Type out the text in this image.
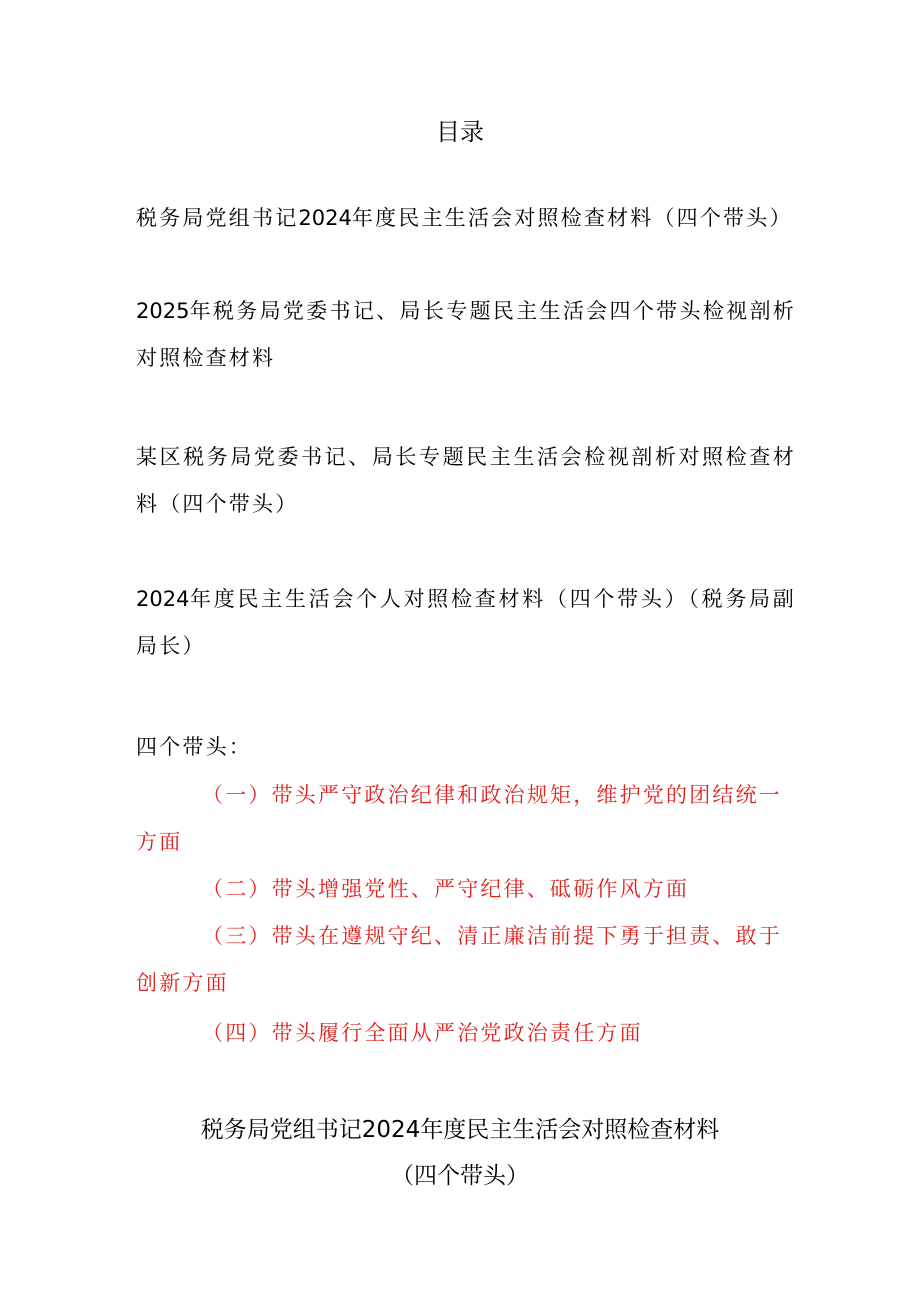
目录
税务局党组书记2024年度民主生活会对照检查材料（四个带头）
2025年税务局党委书记、局长专题民主生活会四个带头检视剖析对照检查材料
某区税务局党委书记、局长专题民主生活会检视剖析对照检查材料（四个带头）
2024年度民主生活会个人对照检查材料（四个带头）（税务局副局长）
四个带头：
（一）带头严守政治纪律和政治规矩，维护党的团结统一方面
（二）带头增强党性、严守纪律、砥砺作风方面
（三）带头在遵规守纪、清正廉洁前提下勇于担责、敢于创新方面
（四）带头履行全面从严治党政治责任方面
税务局党组书记2024年度民主生活会对照检查材料
（四个带头）
